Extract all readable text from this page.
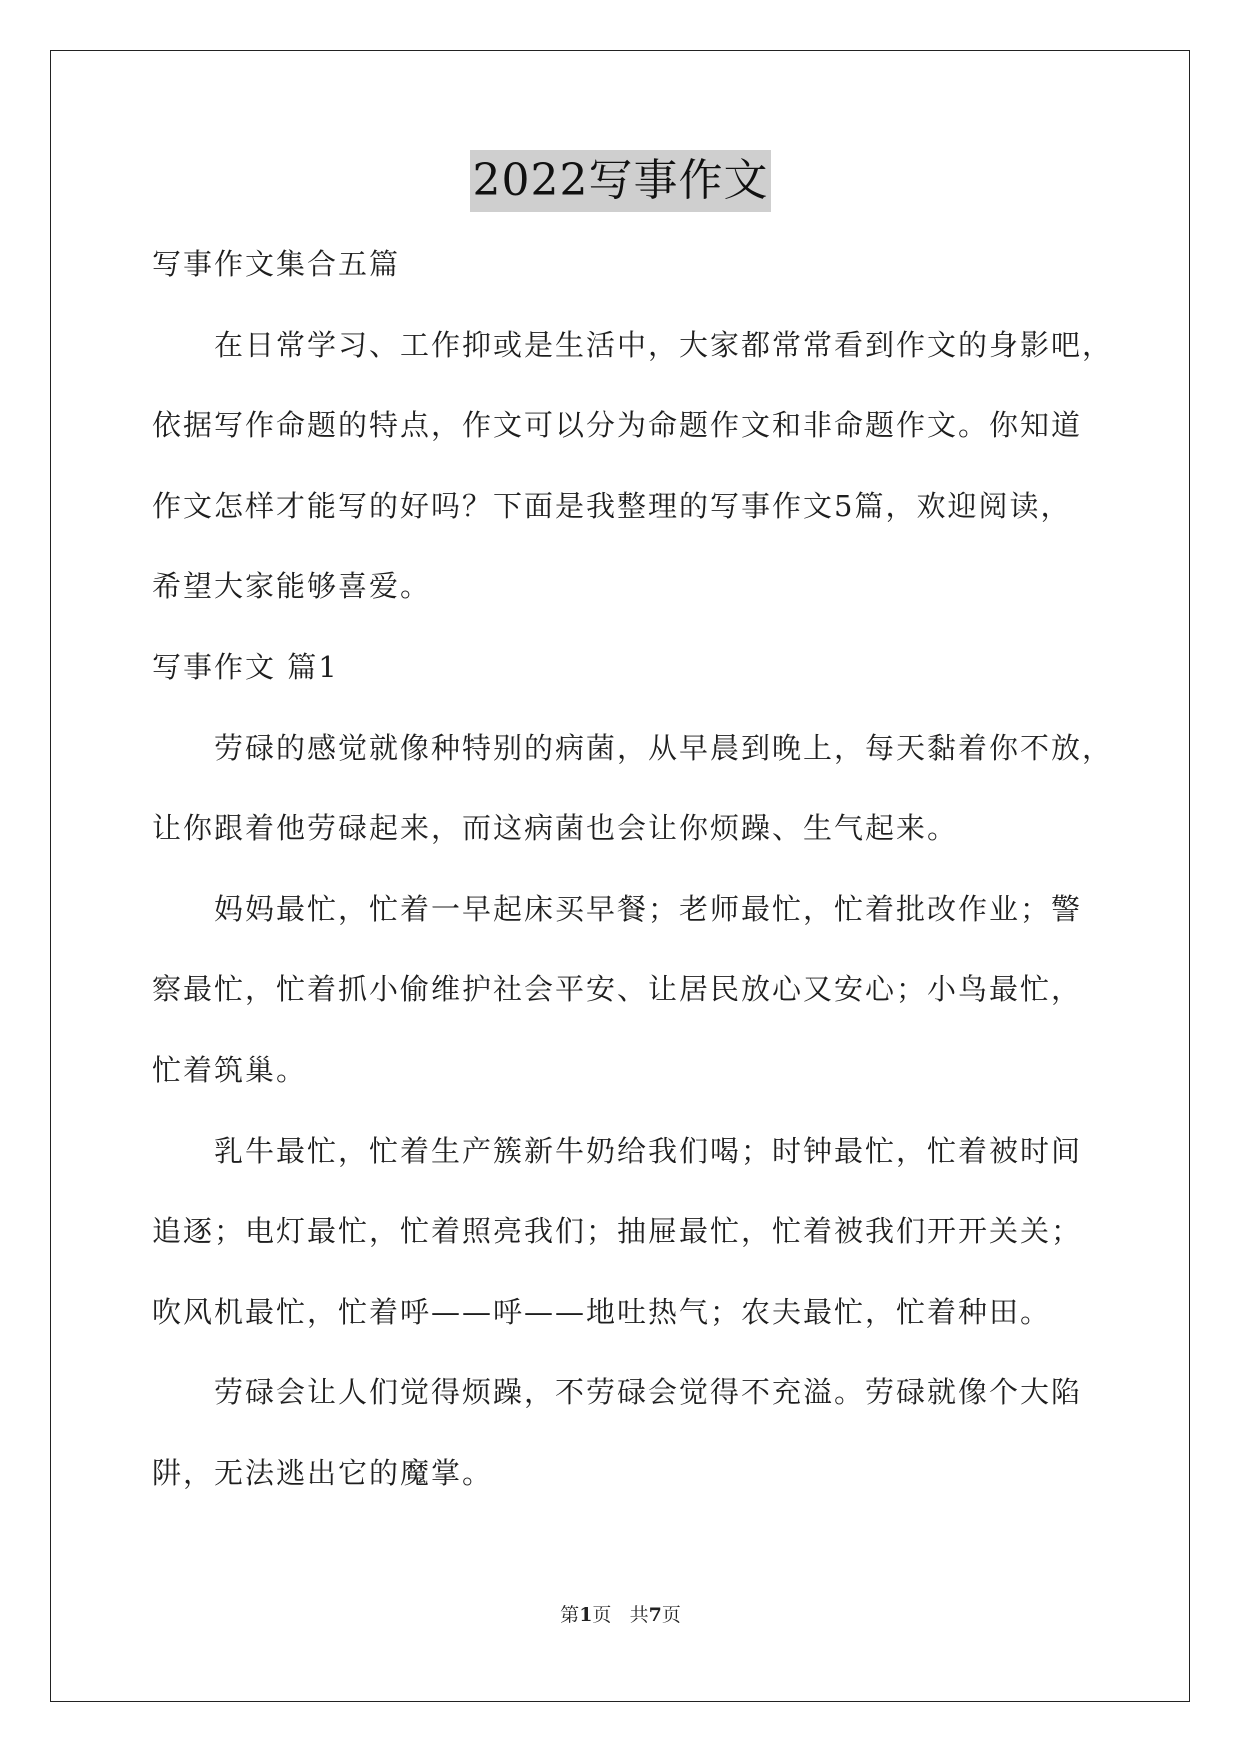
2022写事作文
写事作文集合五篇
在日常学习、工作抑或是生活中，大家都常常看到作文的身影吧，
依据写作命题的特点，作文可以分为命题作文和非命题作文。你知道
作文怎样才能写的好吗？下面是我整理的写事作文5篇，欢迎阅读，
希望大家能够喜爱。
写事作文 篇1
劳碌的感觉就像种特别的病菌，从早晨到晚上，每天黏着你不放，
让你跟着他劳碌起来，而这病菌也会让你烦躁、生气起来。
妈妈最忙，忙着一早起床买早餐；老师最忙，忙着批改作业；警
察最忙，忙着抓小偷维护社会平安、让居民放心又安心；小鸟最忙，
忙着筑巢。
乳牛最忙，忙着生产簇新牛奶给我们喝；时钟最忙，忙着被时间
追逐；电灯最忙，忙着照亮我们；抽屉最忙，忙着被我们开开关关；
吹风机最忙，忙着呼——呼——地吐热气；农夫最忙，忙着种田。
劳碌会让人们觉得烦躁，不劳碌会觉得不充溢。劳碌就像个大陷
阱，无法逃出它的魔掌。
第1页 共7页
